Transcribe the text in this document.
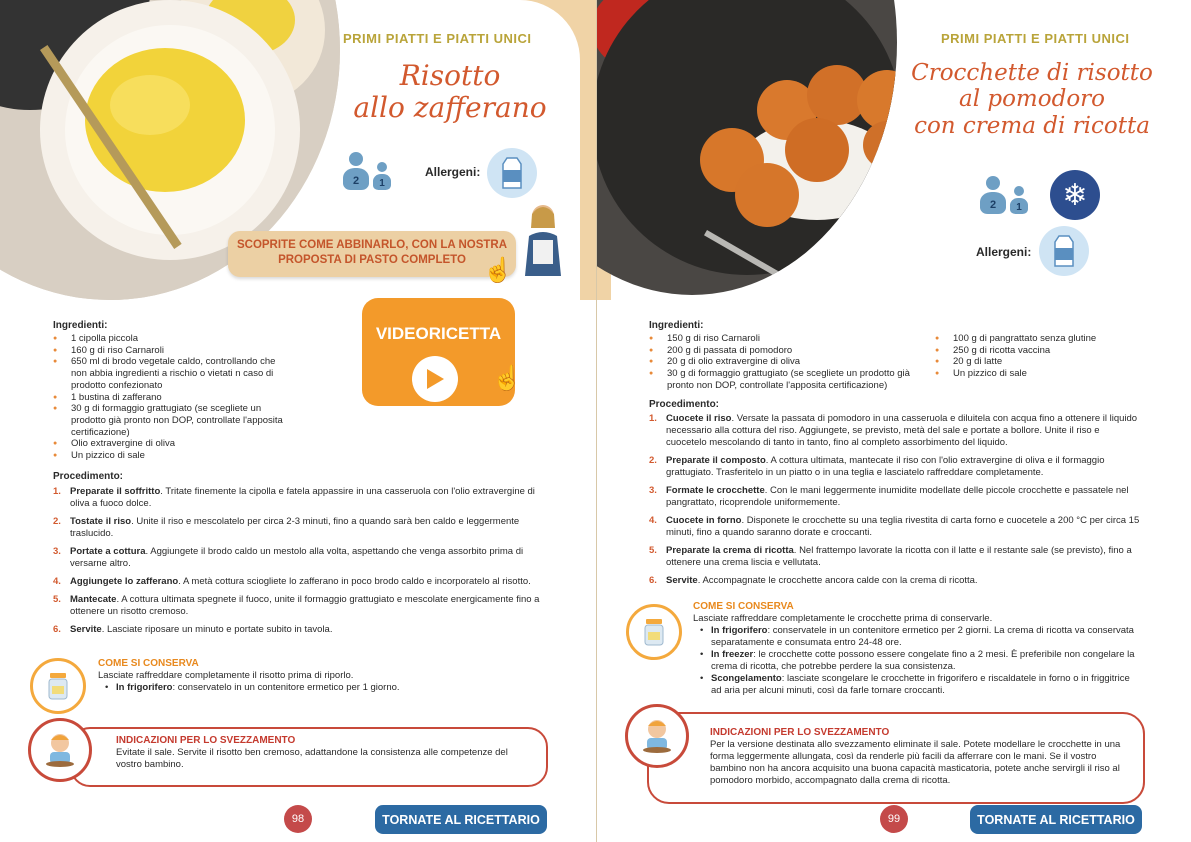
PRIMI PIATTI E PIATTI UNICI
Risotto
allo zafferano
2	1
Allergeni:
SCOPRITE COME ABBINARLO, CON LA NOSTRA
PROPOSTA DI PASTO COMPLETO ☝
VIDEORICETTA
☝
Ingredienti:
● 1 cipolla piccola
● 160 g di riso Carnaroli
● 650 ml di brodo vegetale caldo, controllando che non abbia ingredienti a rischio o vietati n caso di prodotto confezionato
● 1 bustina di zafferano
● 30 g di formaggio grattugiato (se scegliete un prodotto già pronto non DOP, controllate l'apposita certificazione)
● Olio extravergine di oliva
● Un pizzico di sale
Procedimento:
1. Preparate il soffritto. Tritate finemente la cipolla e fatela appassire in una casseruola con l'olio extravergine di oliva a fuoco dolce.
2. Tostate il riso. Unite il riso e mescolatelo per circa 2-3 minuti, fino a quando sarà ben caldo e leggermente traslucido.
3. Portate a cottura. Aggiungete il brodo caldo un mestolo alla volta, aspettando che venga assorbito prima di versarne altro.
4. Aggiungete lo zafferano. A metà cottura sciogliete lo zafferano in poco brodo caldo e incorporatelo al risotto.
5. Mantecate. A cottura ultimata spegnete il fuoco, unite il formaggio grattugiato e mescolate energicamente fino a ottenere un risotto cremoso.
6. Servite. Lasciate riposare un minuto e portate subito in tavola.
COME SI CONSERVA
Lasciate raffreddare completamente il risotto prima di riporlo.
• In frigorifero: conservatelo in un contenitore ermetico per 1 giorno.
INDICAZIONI PER LO SVEZZAMENTO
Evitate il sale. Servite il risotto ben cremoso, adattandone la consistenza alle competenze del vostro bambino.
98	TORNATE AL RICETTARIO
PRIMI PIATTI E PIATTI UNICI
Crocchette di risotto
al pomodoro
con crema di ricotta
2	1	❄
Allergeni:
Ingredienti:
● 150 g di riso Carnaroli
● 200 g di passata di pomodoro
● 20 g di olio extravergine di oliva
● 30 g di formaggio grattugiato (se scegliete un prodotto già pronto non DOP, controllate l'apposita certificazione)
● 100 g di pangrattato senza glutine
● 250 g di ricotta vaccina
● 20 g di latte
● Un pizzico di sale
Procedimento:
1. Cuocete il riso. Versate la passata di pomodoro in una casseruola e diluitela con acqua fino a ottenere il liquido necessario alla cottura del riso. Aggiungete, se previsto, metà del sale e portate a bollore. Unite il riso e cuocetelo mescolando di tanto in tanto, fino al completo assorbimento del liquido.
2. Preparate il composto. A cottura ultimata, mantecate il riso con l'olio extravergine di oliva e il formaggio grattugiato. Trasferitelo in un piatto o in una teglia e lasciatelo raffreddare completamente.
3. Formate le crocchette. Con le mani leggermente inumidite modellate delle piccole crocchette e passatele nel pangrattato, ricoprendole uniformemente.
4. Cuocete in forno. Disponete le crocchette su una teglia rivestita di carta forno e cuocetele a 200 °C per circa 15 minuti, fino a quando saranno dorate e croccanti.
5. Preparate la crema di ricotta. Nel frattempo lavorate la ricotta con il latte e il restante sale (se previsto), fino a ottenere una crema liscia e vellutata.
6. Servite. Accompagnate le crocchette ancora calde con la crema di ricotta.
COME SI CONSERVA
Lasciate raffreddare completamente le crocchette prima di conservarle.
• In frigorifero: conservatele in un contenitore ermetico per 2 giorni. La crema di ricotta va conservata separatamente e consumata entro 24-48 ore.
• In freezer: le crocchette cotte possono essere congelate fino a 2 mesi. È preferibile non congelare la crema di ricotta, che potrebbe perdere la sua consistenza.
• Scongelamento: lasciate scongelare le crocchette in frigorifero e riscaldatele in forno o in friggitrice ad aria per alcuni minuti, così da farle tornare croccanti.
INDICAZIONI PER LO SVEZZAMENTO
Per la versione destinata allo svezzamento eliminate il sale. Potete modellare le crocchette in una forma leggermente allungata, così da renderle più facili da afferrare con le mani. Se il vostro bambino non ha ancora acquisito una buona capacità masticatoria, potete anche servirgli il riso al pomodoro morbido, accompagnato dalla crema di ricotta.
99	TORNATE AL RICETTARIO
